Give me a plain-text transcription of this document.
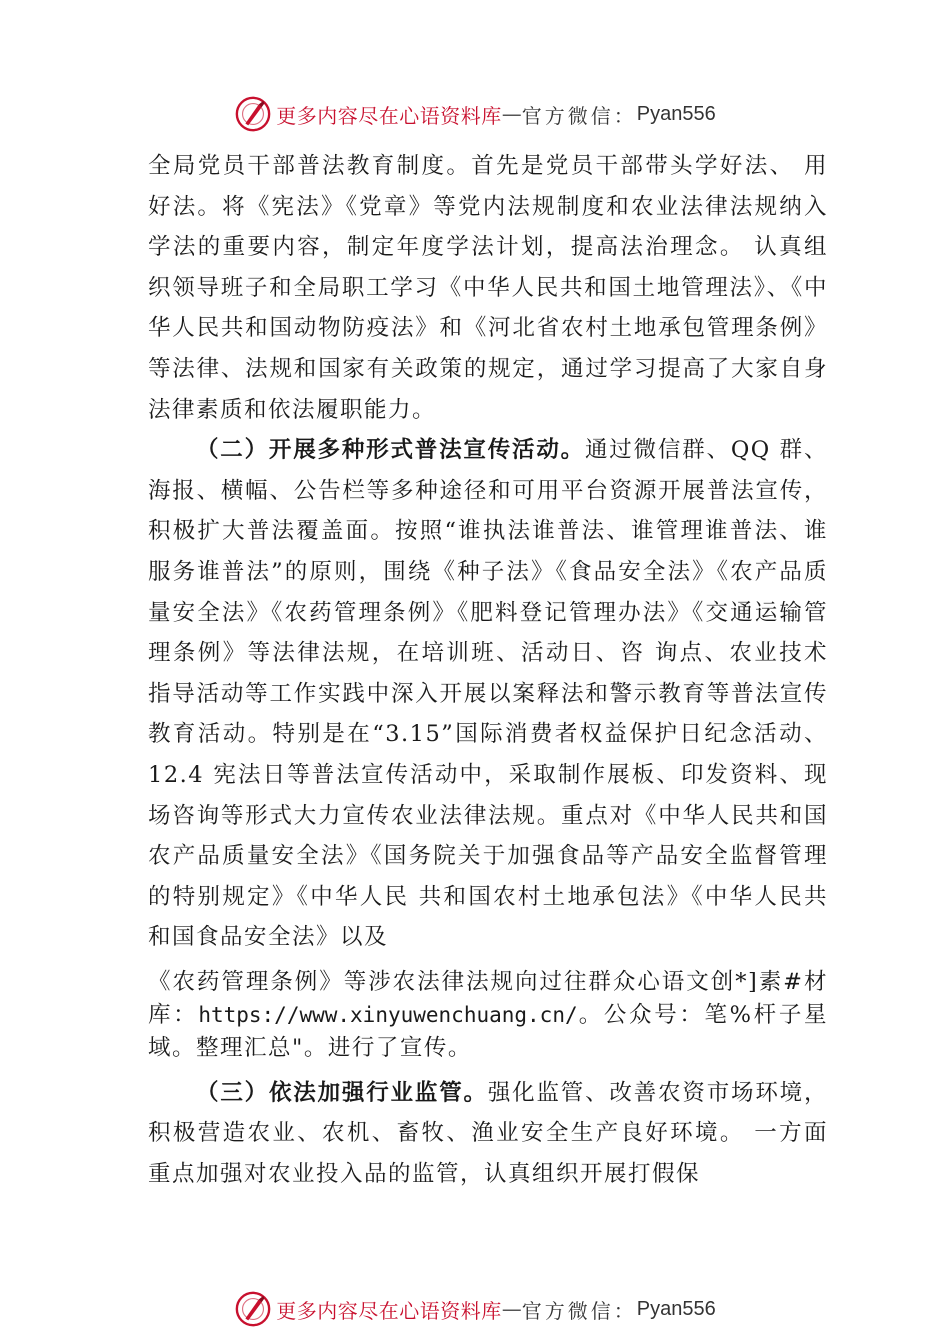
更多内容尽在心语资料库 — 官方微信： Pyan556

全局党员干部普法教育制度。首先是党员干部带头学好法、 用好法。将《宪法》《党章》等党内法规制度和农业法律法规纳入学法的重要内容，制定年度学法计划，提高法治理念。 认真组织领导班子和全局职工学习《中华人民共和国土地管理法》、《中华人民共和国动物防疫法》和《河北省农村土地承包管理条例》等法律、法规和国家有关政策的规定，通过学习提高了大家自身法律素质和依法履职能力。

（二）开展多种形式普法宣传活动。通过微信群、QQ 群、海报、横幅、公告栏等多种途径和可用平台资源开展普法宣传，积极扩大普法覆盖面。按照“谁执法谁普法、谁管理谁普法、谁服务谁普法”的原则，围绕《种子法》《食品安全法》《农产品质量安全法》《农药管理条例》《肥料登记管理办法》《交通运输管理条例》等法律法规，在培训班、活动日、咨 询点、农业技术指导活动等工作实践中深入开展以案释法和警示教育等普法宣传教育活动。特别是在“3.15”国际消费者权益保护日纪念活动、12.4 宪法日等普法宣传活动中，采取制作展板、印发资料、现场咨询等形式大力宣传农业法律法规。重点对《中华人民共和国农产品质量安全法》《国务院关于加强食品等产品安全监督管理的特别规定》《中华人民 共和国农村土地承包法》《中华人民共和国食品安全法》以及

《农药管理条例》等涉农法律法规向过往群众心语文创*]素#材库：https://www.xinyuwenchuang.cn/。公众号：笔%杆子星域。整理汇总"。进行了宣传。

（三）依法加强行业监管。强化监管、改善农资市场环境，积极营造农业、农机、畜牧、渔业安全生产良好环境。 一方面重点加强对农业投入品的监管，认真组织开展打假保

更多内容尽在心语资料库 — 官方微信： Pyan556
